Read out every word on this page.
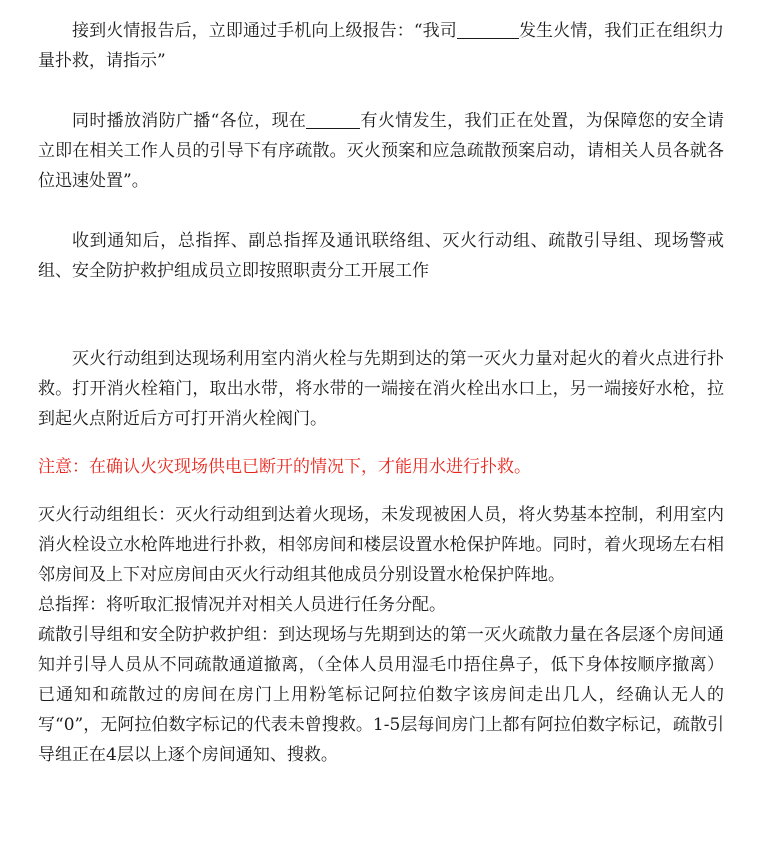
接到火情报告后，立即通过手机向上级报告：“我司	发生火情，我们正在组织力量扑救，请指示”

同时播放消防广播“各位，现在	有火情发生，我们正在处置，为保障您的安全请立即在相关工作人员的引导下有序疏散。灭火预案和应急疏散预案启动，请相关人员各就各位迅速处置”。

收到通知后，总指挥、副总指挥及通讯联络组、灭火行动组、疏散引导组、现场警戒组、安全防护救护组成员立即按照职责分工开展工作

灭火行动组到达现场利用室内消火栓与先期到达的第一灭火力量对起火的着火点进行扑救。打开消火栓箱门，取出水带，将水带的一端接在消火栓出水口上，另一端接好水枪，拉到起火点附近后方可打开消火栓阀门。

注意：在确认火灾现场供电已断开的情况下，才能用水进行扑救。

灭火行动组组长：灭火行动组到达着火现场，未发现被困人员，将火势基本控制，利用室内消火栓设立水枪阵地进行扑救，相邻房间和楼层设置水枪保护阵地。同时，着火现场左右相邻房间及上下对应房间由灭火行动组其他成员分别设置水枪保护阵地。

总指挥：将听取汇报情况并对相关人员进行任务分配。

疏散引导组和安全防护救护组：到达现场与先期到达的第一灭火疏散力量在各层逐个房间通知并引导人员从不同疏散通道撤离，（全体人员用湿毛巾捂住鼻子，低下身体按顺序撤离）已通知和疏散过的房间在房门上用粉笔标记阿拉伯数字该房间走出几人，经确认无人的写“0”，无阿拉伯数字标记的代表未曾搜救。1-5层每间房门上都有阿拉伯数字标记，疏散引导组正在4层以上逐个房间通知、搜救。
